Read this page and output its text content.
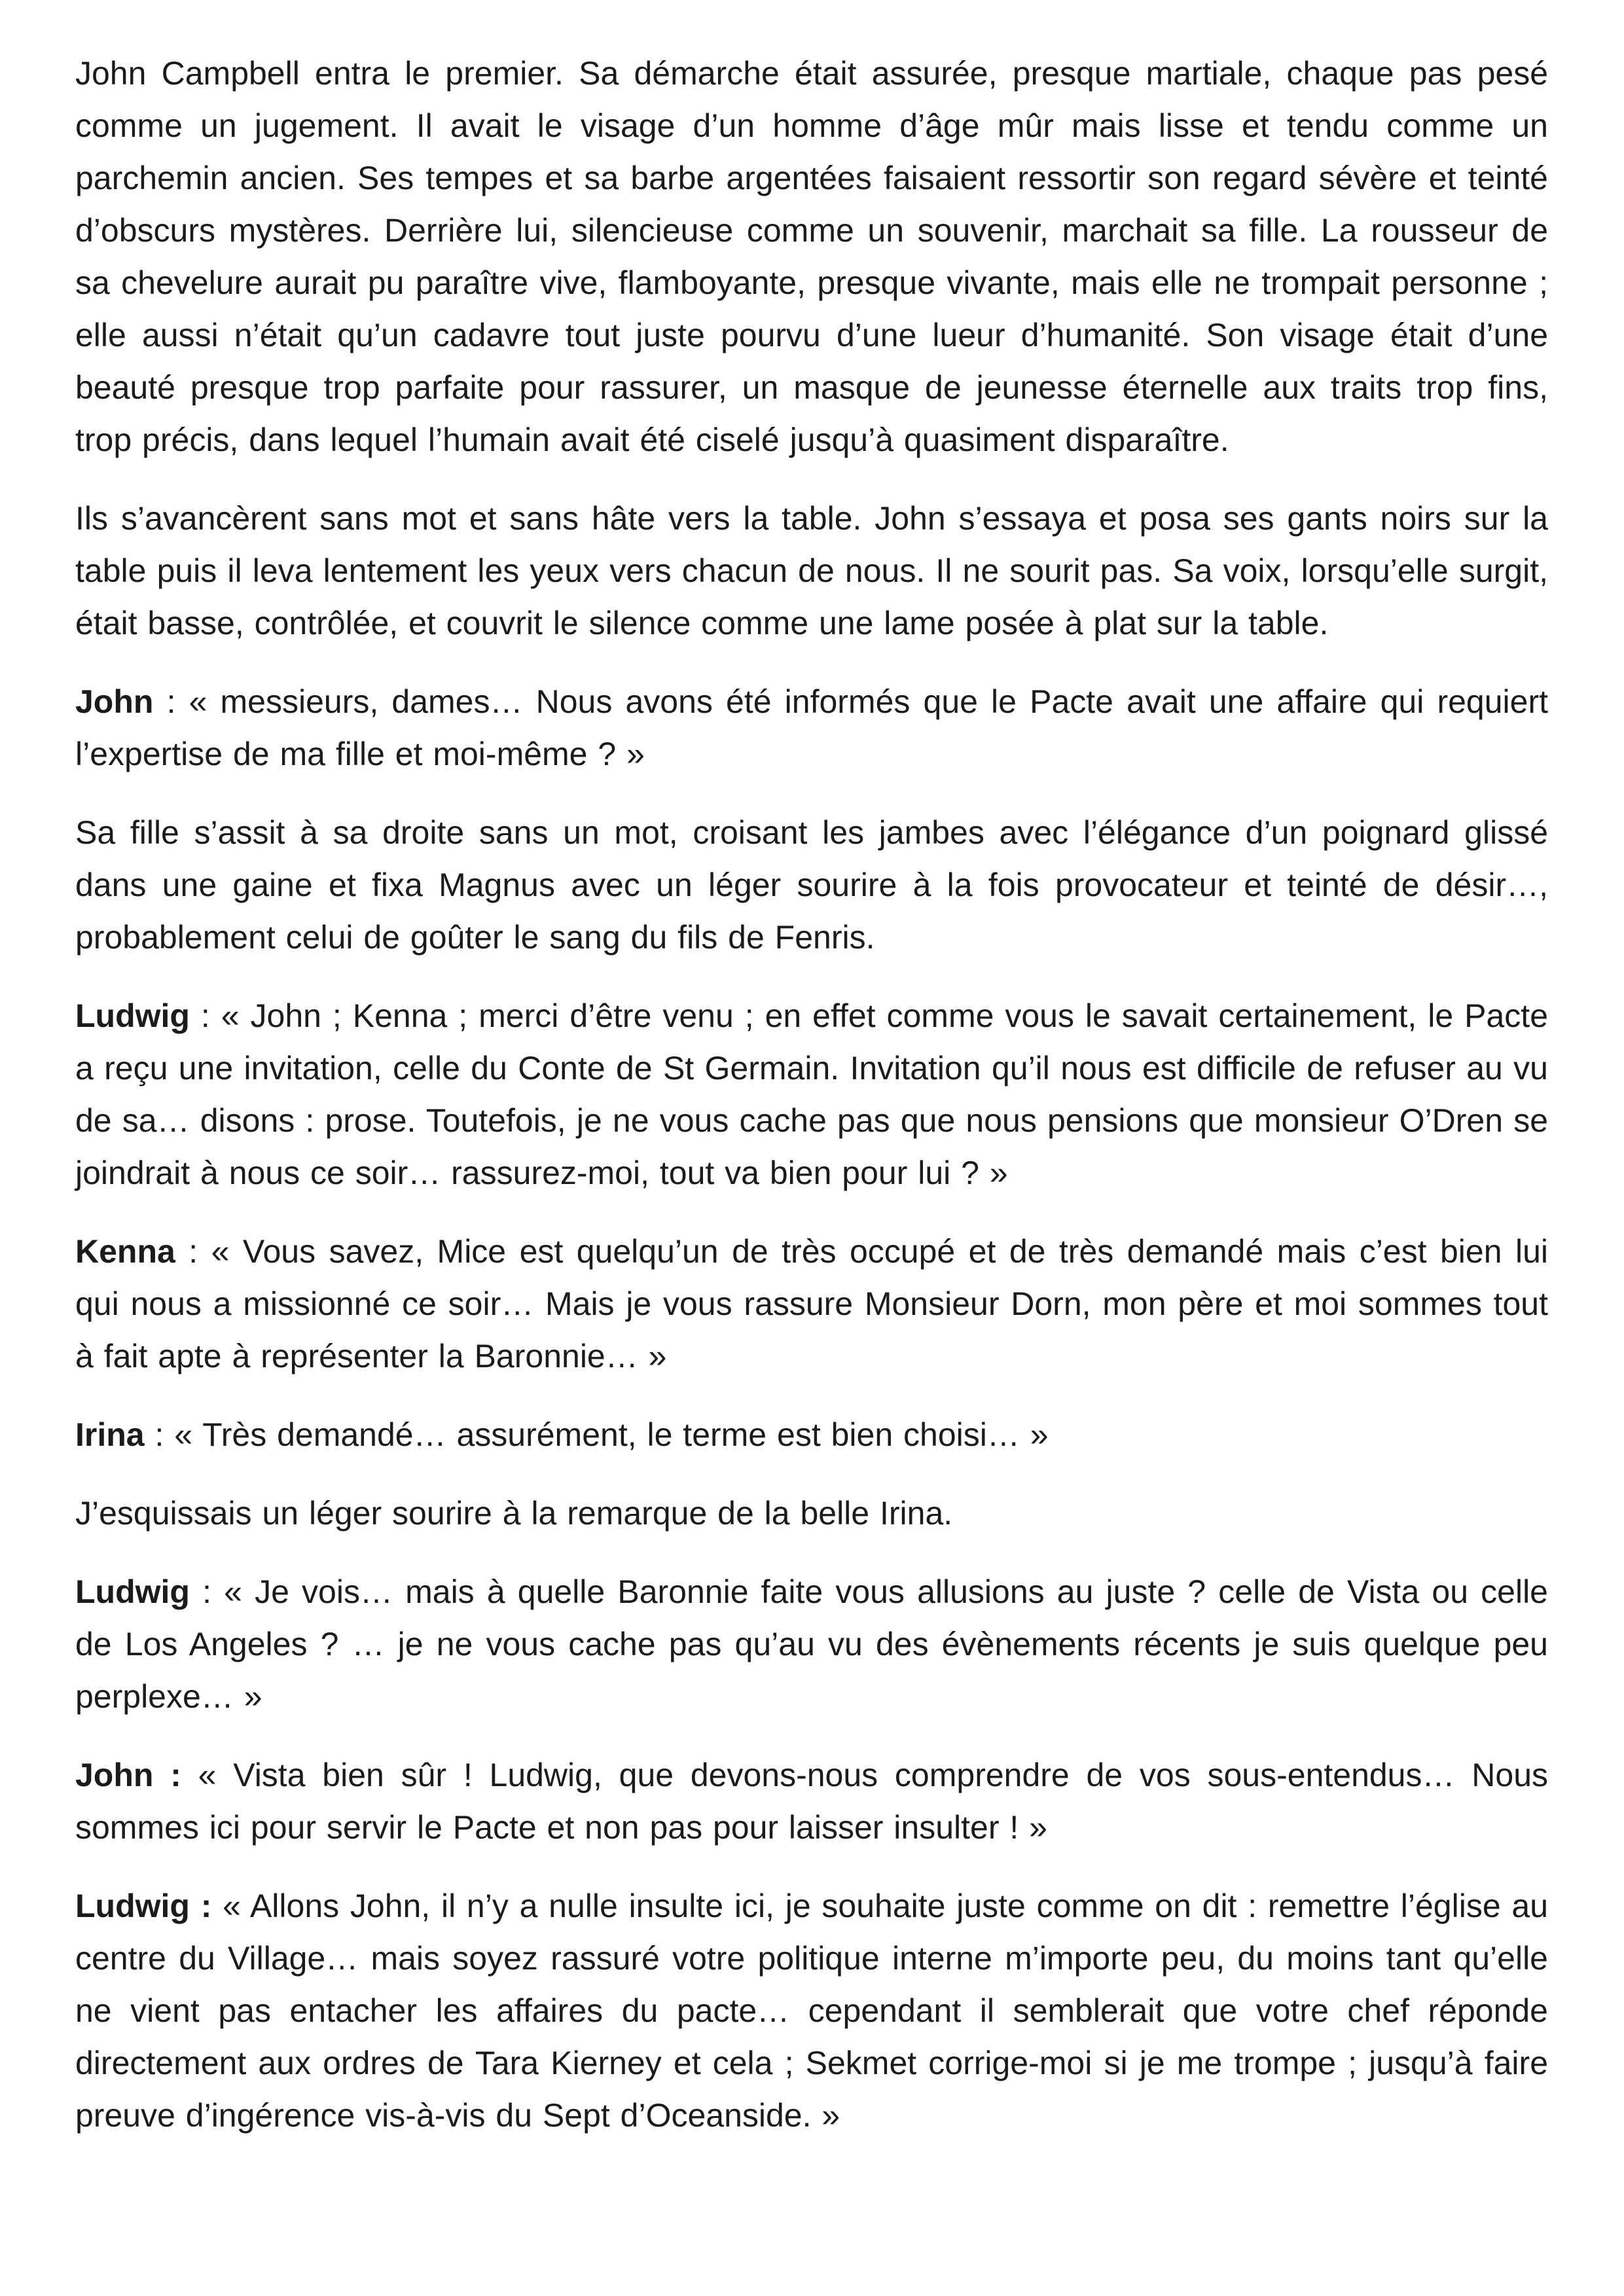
John Campbell entra le premier. Sa démarche était assurée, presque martiale, chaque pas pesé comme un jugement. Il avait le visage d’un homme d’âge mûr mais lisse et tendu comme un parchemin ancien. Ses tempes et sa barbe argentées faisaient ressortir son regard sévère et teinté d’obscurs mystères. Derrière lui, silencieuse comme un souvenir, marchait sa fille. La rousseur de sa chevelure aurait pu paraître vive, flamboyante, presque vivante, mais elle ne trompait personne ; elle aussi n’était qu’un cadavre tout juste pourvu d’une lueur d’humanité. Son visage était d’une beauté presque trop parfaite pour rassurer, un masque de jeunesse éternelle aux traits trop fins, trop précis, dans lequel l’humain avait été ciselé jusqu’à quasiment disparaître.

Ils s’avancèrent sans mot et sans hâte vers la table. John s’essaya et posa ses gants noirs sur la table puis il leva lentement les yeux vers chacun de nous. Il ne sourit pas. Sa voix, lorsqu’elle surgit, était basse, contrôlée, et couvrit le silence comme une lame posée à plat sur la table.

John : « messieurs, dames… Nous avons été informés que le Pacte avait une affaire qui requiert l’expertise de ma fille et moi-même ? »

Sa fille s’assit à sa droite sans un mot, croisant les jambes avec l’élégance d’un poignard glissé dans une gaine et fixa Magnus avec un léger sourire à la fois provocateur et teinté de désir…, probablement celui de goûter le sang du fils de Fenris.

Ludwig : « John ; Kenna ; merci d’être venu ; en effet comme vous le savait certainement, le Pacte a reçu une invitation, celle du Conte de St Germain. Invitation qu’il nous est difficile de refuser au vu de sa… disons : prose. Toutefois, je ne vous cache pas que nous pensions que monsieur O’Dren se joindrait à nous ce soir… rassurez-moi, tout va bien pour lui ? »

Kenna : « Vous savez, Mice est quelqu’un de très occupé et de très demandé mais c’est bien lui qui nous a missionné ce soir… Mais je vous rassure Monsieur Dorn, mon père et moi sommes tout à fait apte à représenter la Baronnie… »

Irina : « Très demandé… assurément, le terme est bien choisi… »

J’esquissais un léger sourire à la remarque de la belle Irina.

Ludwig : « Je vois… mais à quelle Baronnie faite vous allusions au juste ? celle de Vista ou celle de Los Angeles ? … je ne vous cache pas qu’au vu des évènements récents je suis quelque peu perplexe… »

John : « Vista bien sûr ! Ludwig, que devons-nous comprendre de vos sous-entendus… Nous sommes ici pour servir le Pacte et non pas pour laisser insulter ! »

Ludwig : « Allons John, il n’y a nulle insulte ici, je souhaite juste comme on dit : remettre l’église au centre du Village… mais soyez rassuré votre politique interne m’importe peu, du moins tant qu’elle ne vient pas entacher les affaires du pacte… cependant il semblerait que votre chef réponde directement aux ordres de Tara Kierney et cela ; Sekmet corrige-moi si je me trompe ; jusqu’à faire preuve d’ingérence vis-à-vis du Sept d’Oceanside. »
